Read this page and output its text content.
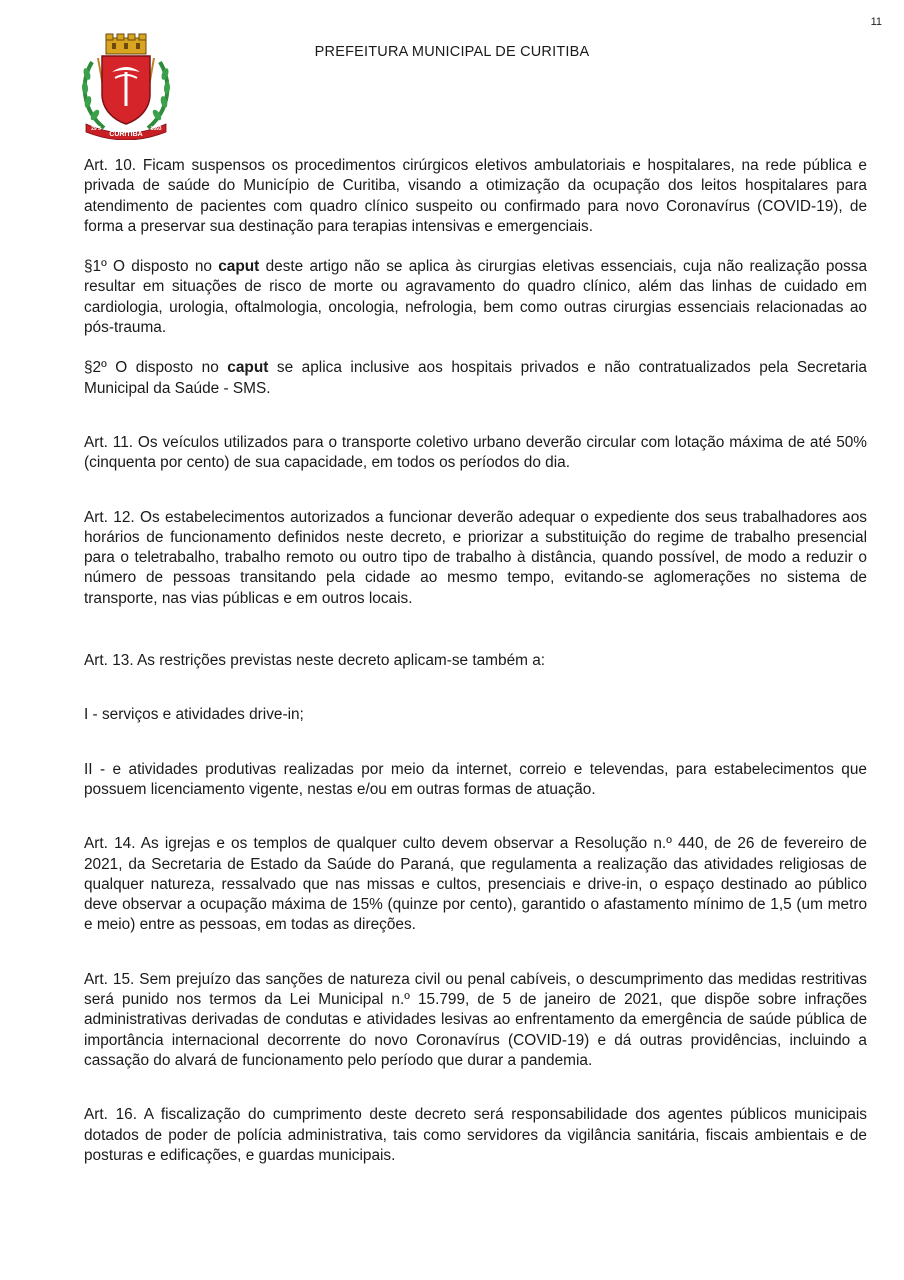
11
CURITIBA
29 3	1693
PREFEITURA MUNICIPAL DE CURITIBA

Art. 10. Ficam suspensos os procedimentos cirúrgicos eletivos ambulatoriais e hospitalares, na rede pública e privada de saúde do Município de Curitiba, visando a otimização da ocupação dos leitos hospitalares para atendimento de pacientes com quadro clínico suspeito ou confirmado para novo Coronavírus (COVID-19), de forma a preservar sua destinação para terapias intensivas e emergenciais.

§1º O disposto no caput deste artigo não se aplica às cirurgias eletivas essenciais, cuja não realização possa resultar em situações de risco de morte ou agravamento do quadro clínico, além das linhas de cuidado em cardiologia, urologia, oftalmologia, oncologia, nefrologia, bem como outras cirurgias essenciais relacionadas ao pós-trauma.

§2º O disposto no caput se aplica inclusive aos hospitais privados e não contratualizados pela Secretaria Municipal da Saúde - SMS.

Art. 11. Os veículos utilizados para o transporte coletivo urbano deverão circular com lotação máxima de até 50% (cinquenta por cento) de sua capacidade, em todos os períodos do dia.

Art. 12. Os estabelecimentos autorizados a funcionar deverão adequar o expediente dos seus trabalhadores aos horários de funcionamento definidos neste decreto, e priorizar a substituição do regime de trabalho presencial para o teletrabalho, trabalho remoto ou outro tipo de trabalho à distância, quando possível, de modo a reduzir o número de pessoas transitando pela cidade ao mesmo tempo, evitando-se aglomerações no sistema de transporte, nas vias públicas e em outros locais.

Art. 13. As restrições previstas neste decreto aplicam-se também a:

I - serviços e atividades drive-in;

II - e atividades produtivas realizadas por meio da internet, correio e televendas, para estabelecimentos que possuem licenciamento vigente, nestas e/ou em outras formas de atuação.

Art. 14. As igrejas e os templos de qualquer culto devem observar a Resolução n.º 440, de 26 de fevereiro de 2021, da Secretaria de Estado da Saúde do Paraná, que regulamenta a realização das atividades religiosas de qualquer natureza, ressalvado que nas missas e cultos, presenciais e drive-in, o espaço destinado ao público deve observar a ocupação máxima de 15% (quinze por cento), garantido o afastamento mínimo de 1,5 (um metro e meio) entre as pessoas, em todas as direções.

Art. 15. Sem prejuízo das sanções de natureza civil ou penal cabíveis, o descumprimento das medidas restritivas será punido nos termos da Lei Municipal n.º 15.799, de 5 de janeiro de 2021, que dispõe sobre infrações administrativas derivadas de condutas e atividades lesivas ao enfrentamento da emergência de saúde pública de importância internacional decorrente do novo Coronavírus (COVID-19) e dá outras providências, incluindo a cassação do alvará de funcionamento pelo período que durar a pandemia.

Art. 16. A fiscalização do cumprimento deste decreto será responsabilidade dos agentes públicos municipais dotados de poder de polícia administrativa, tais como servidores da vigilância sanitária, fiscais ambientais e de posturas e edificações, e guardas municipais.
